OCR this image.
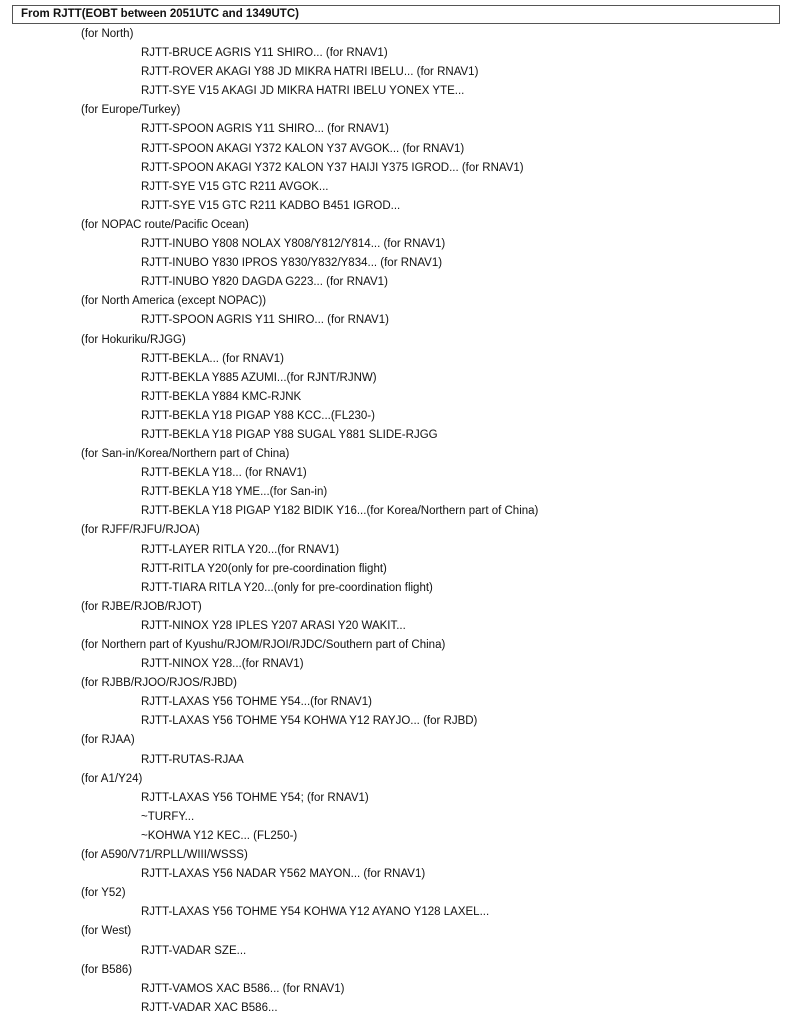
From RJTT(EOBT between 2051UTC and 1349UTC)
(for North)
RJTT-BRUCE AGRIS Y11 SHIRO... (for RNAV1)
RJTT-ROVER AKAGI Y88 JD MIKRA HATRI IBELU... (for RNAV1)
RJTT-SYE V15 AKAGI JD MIKRA HATRI IBELU YONEX YTE...
(for Europe/Turkey)
RJTT-SPOON AGRIS Y11 SHIRO... (for RNAV1)
RJTT-SPOON AKAGI Y372 KALON Y37 AVGOK... (for RNAV1)
RJTT-SPOON AKAGI Y372 KALON Y37 HAIJI Y375 IGROD... (for RNAV1)
RJTT-SYE V15 GTC R211 AVGOK...
RJTT-SYE V15 GTC R211 KADBO B451 IGROD...
(for NOPAC route/Pacific Ocean)
RJTT-INUBO Y808 NOLAX Y808/Y812/Y814... (for RNAV1)
RJTT-INUBO Y830 IPROS Y830/Y832/Y834... (for RNAV1)
RJTT-INUBO Y820 DAGDA G223... (for RNAV1)
(for North America (except NOPAC))
RJTT-SPOON AGRIS Y11 SHIRO... (for RNAV1)
(for Hokuriku/RJGG)
RJTT-BEKLA... (for RNAV1)
RJTT-BEKLA Y885 AZUMI...(for RJNT/RJNW)
RJTT-BEKLA Y884 KMC-RJNK
RJTT-BEKLA Y18 PIGAP Y88 KCC...(FL230-)
RJTT-BEKLA Y18 PIGAP Y88 SUGAL Y881 SLIDE-RJGG
(for San-in/Korea/Northern part of China)
RJTT-BEKLA Y18... (for RNAV1)
RJTT-BEKLA Y18 YME...(for San-in)
RJTT-BEKLA Y18 PIGAP Y182 BIDIK Y16...(for Korea/Northern part of China)
(for RJFF/RJFU/RJOA)
RJTT-LAYER RITLA Y20...(for RNAV1)
RJTT-RITLA Y20(only for pre-coordination flight)
RJTT-TIARA RITLA Y20...(only for pre-coordination flight)
(for RJBE/RJOB/RJOT)
RJTT-NINOX Y28 IPLES Y207 ARASI Y20 WAKIT...
(for Northern part of Kyushu/RJOM/RJOI/RJDC/Southern part of China)
RJTT-NINOX Y28...(for RNAV1)
(for RJBB/RJOO/RJOS/RJBD)
RJTT-LAXAS Y56 TOHME Y54...(for RNAV1)
RJTT-LAXAS Y56 TOHME Y54 KOHWA Y12 RAYJO... (for RJBD)
(for RJAA)
RJTT-RUTAS-RJAA
(for A1/Y24)
RJTT-LAXAS Y56 TOHME Y54; (for RNAV1)
~TURFY...
~KOHWA Y12 KEC... (FL250-)
(for A590/V71/RPLL/WIII/WSSS)
RJTT-LAXAS Y56 NADAR Y562 MAYON... (for RNAV1)
(for Y52)
RJTT-LAXAS Y56 TOHME Y54 KOHWA Y12 AYANO Y128 LAXEL...
(for West)
RJTT-VADAR SZE...
(for B586)
RJTT-VAMOS XAC B586... (for RNAV1)
RJTT-VADAR XAC B586...
